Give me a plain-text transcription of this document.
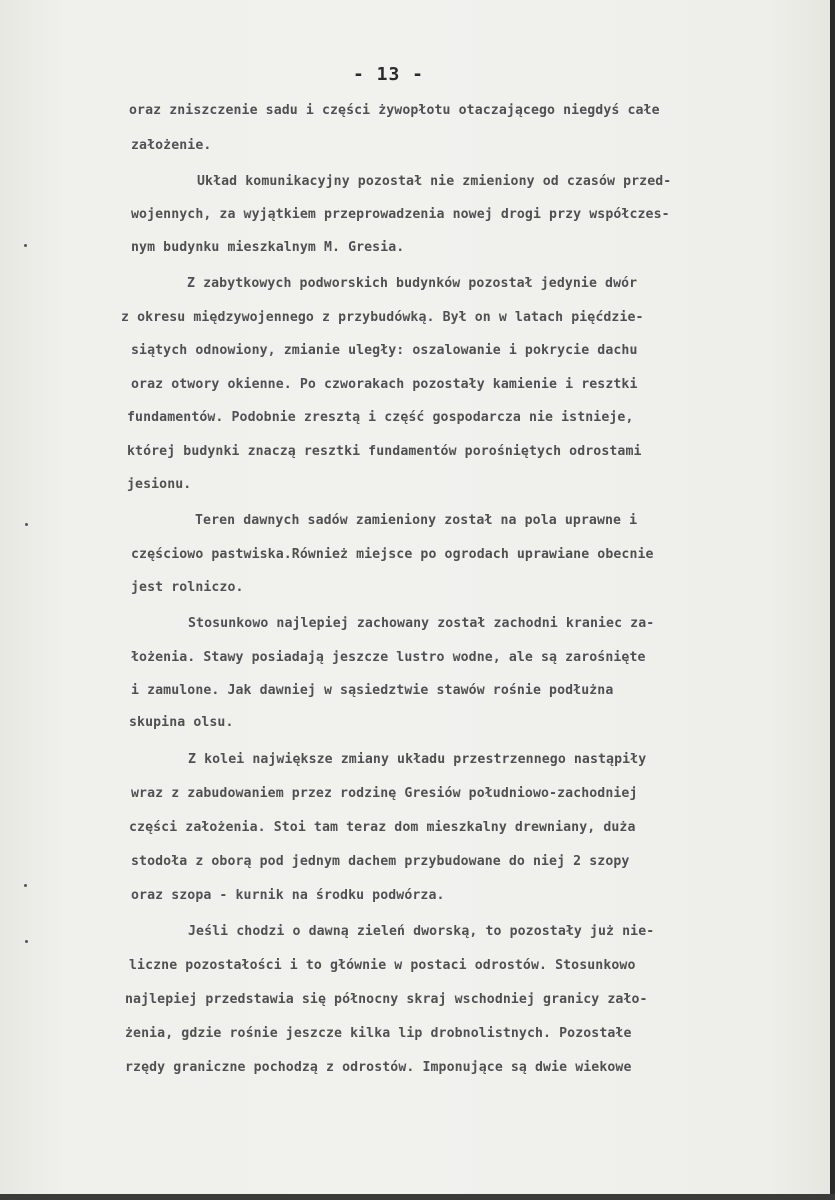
- 13 -
oraz zniszczenie sadu i części żywopłotu otaczającego niegdyś całe
założenie.
Układ komunikacyjny pozostał nie zmieniony od czasów przed-
wojennych, za wyjątkiem przeprowadzenia nowej drogi przy współczes-
nym budynku mieszkalnym M. Gresia.
Z zabytkowych podworskich budynków pozostał jedynie dwór
z okresu międzywojennego z przybudówką. Był on w latach pięćdzie-
siątych odnowiony, zmianie uległy: oszalowanie i pokrycie dachu
oraz otwory okienne. Po czworakach pozostały kamienie i resztki
fundamentów. Podobnie zresztą i część gospodarcza nie istnieje,
której budynki znaczą resztki fundamentów porośniętych odrostami
jesionu.
Teren dawnych sadów zamieniony został na pola uprawne i
częściowo pastwiska.Również miejsce po ogrodach uprawiane obecnie
jest rolniczo.
Stosunkowo najlepiej zachowany został zachodni kraniec za-
łożenia. Stawy posiadają jeszcze lustro wodne, ale są zarośnięte
i zamulone. Jak dawniej w sąsiedztwie stawów rośnie podłużna
skupina olsu.
Z kolei największe zmiany układu przestrzennego nastąpiły
wraz z zabudowaniem przez rodzinę Gresiów południowo-zachodniej
części założenia. Stoi tam teraz dom mieszkalny drewniany, duża
stodoła z oborą pod jednym dachem przybudowane do niej 2 szopy
oraz szopa - kurnik na środku podwórza.
Jeśli chodzi o dawną zieleń dworską, to pozostały już nie-
liczne pozostałości i to głównie w postaci odrostów. Stosunkowo
najlepiej przedstawia się północny skraj wschodniej granicy zało-
żenia, gdzie rośnie jeszcze kilka lip drobnolistnych. Pozostałe
rzędy graniczne pochodzą z odrostów. Imponujące są dwie wiekowe
